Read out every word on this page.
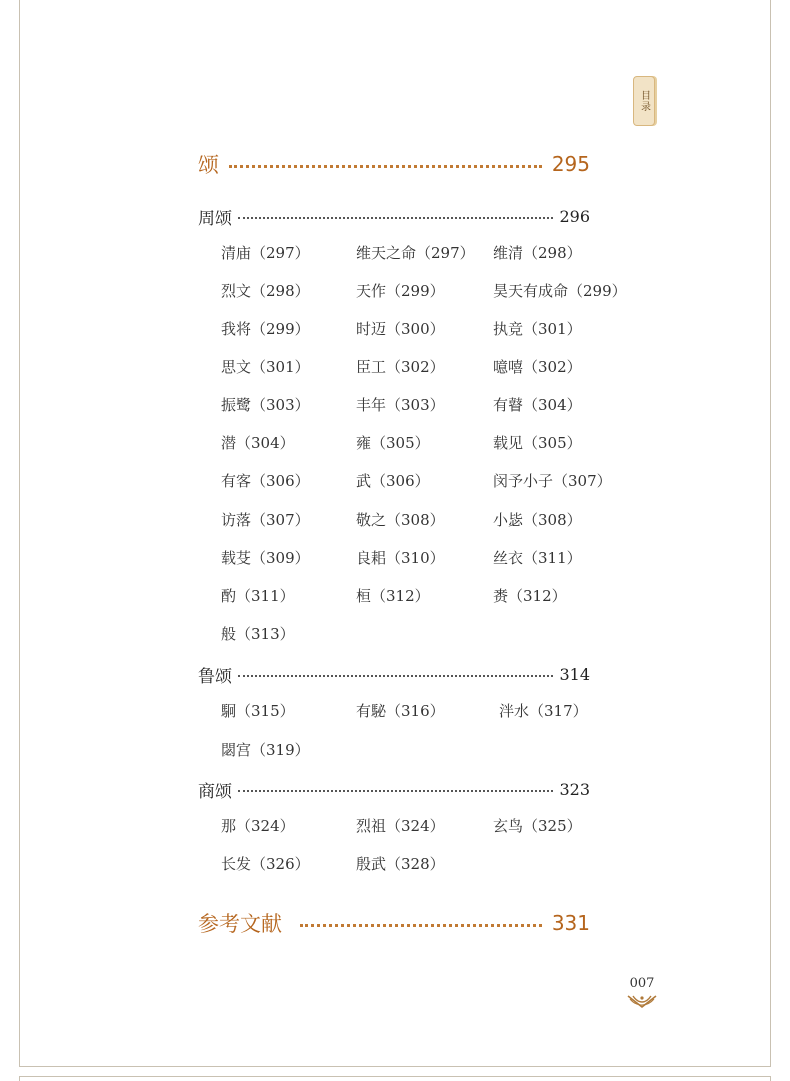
目录
颂	295
周颂	296
清庙（297）	维天之命（297） 维清（298）
烈文（298）	天作（299）	昊天有成命（299）
我将（299）	时迈（300）	执竞（301）
思文（301）	臣工（302）	噫嘻（302）
振鹭（303）	丰年（303）	有瞽（304）
潜（304）	雍（305）	载见（305）
有客（306）	武（306）	闵予小子（307）
访落（307）	敬之（308）	小毖（308）
载芟（309）	良耜（310）	丝衣（311）
酌（311）	桓（312）	赉（312）
般（313）
鲁颂	314
駉（315）	有駜（316）	泮水（317）
閟宫（319）
商颂	323
那（324）	烈祖（324）	玄鸟（325）
长发（326）	殷武（328）
参考文献	331
007
